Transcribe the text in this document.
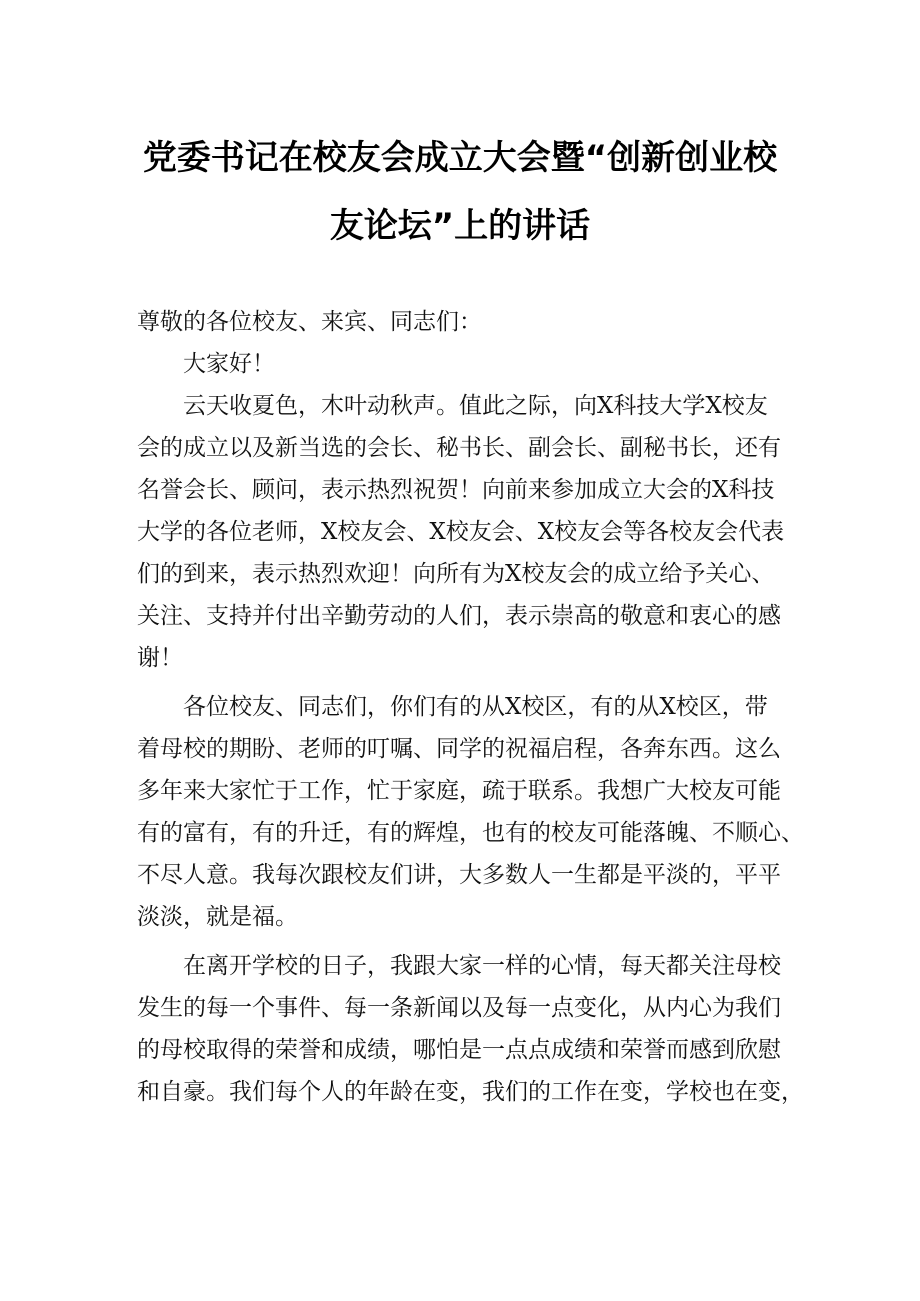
党委书记在校友会成立大会暨“创新创业校
友论坛”上的讲话
尊敬的各位校友、来宾、同志们：
大家好！
云天收夏色，木叶动秋声。值此之际，向X科技大学X校友
会的成立以及新当选的会长、秘书长、副会长、副秘书长，还有
名誉会长、顾问，表示热烈祝贺！向前来参加成立大会的X科技
大学的各位老师，X校友会、X校友会、X校友会等各校友会代表
们的到来，表示热烈欢迎！向所有为X校友会的成立给予关心、
关注、支持并付出辛勤劳动的人们，表示崇高的敬意和衷心的感
谢！
各位校友、同志们，你们有的从X校区，有的从X校区，带
着母校的期盼、老师的叮嘱、同学的祝福启程，各奔东西。这么
多年来大家忙于工作，忙于家庭，疏于联系。我想广大校友可能
有的富有，有的升迁，有的辉煌，也有的校友可能落魄、不顺心、
不尽人意。我每次跟校友们讲，大多数人一生都是平淡的，平平
淡淡，就是福。
在离开学校的日子，我跟大家一样的心情，每天都关注母校
发生的每一个事件、每一条新闻以及每一点变化，从内心为我们
的母校取得的荣誉和成绩，哪怕是一点点成绩和荣誉而感到欣慰
和自豪。我们每个人的年龄在变，我们的工作在变，学校也在变，
